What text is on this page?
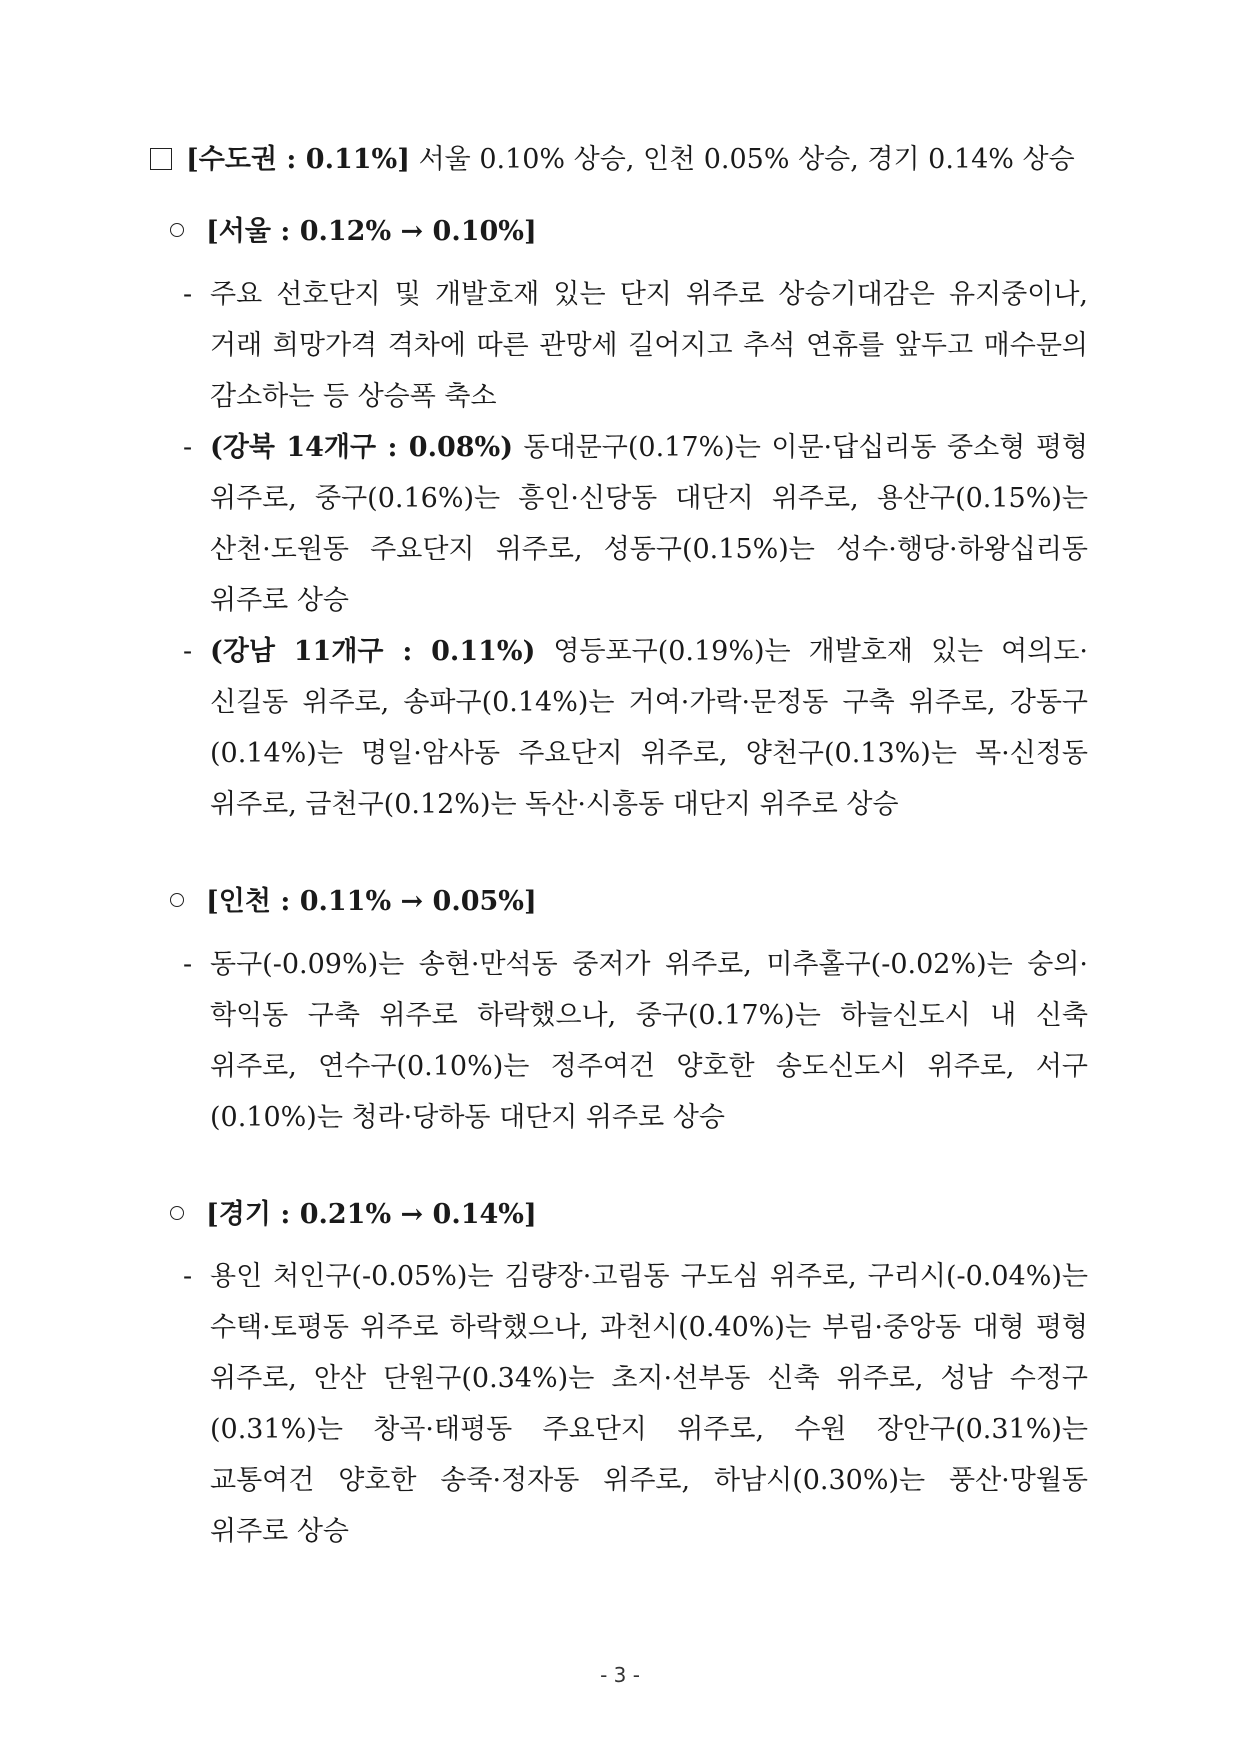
[수도권 : 0.11%] 서울 0.10% 상승, 인천 0.05% 상승, 경기 0.14% 상승
[서울 : 0.12% → 0.10%]
- 주요 선호단지 및 개발호재 있는 단지 위주로 상승기대감은 유지중이나, 거래 희망가격 격차에 따른 관망세 길어지고 추석 연휴를 앞두고 매수문의 감소하는 등 상승폭 축소
- (강북 14개구 : 0.08%) 동대문구(0.17%)는 이문·답십리동 중소형 평형 위주로, 중구(0.16%)는 흥인·신당동 대단지 위주로, 용산구(0.15%)는 산천·도원동 주요단지 위주로, 성동구(0.15%)는 성수·행당·하왕십리동 위주로 상승
- (강남 11개구 : 0.11%) 영등포구(0.19%)는 개발호재 있는 여의도·신길동 위주로, 송파구(0.14%)는 거여·가락·문정동 구축 위주로, 강동구(0.14%)는 명일·암사동 주요단지 위주로, 양천구(0.13%)는 목·신정동 위주로, 금천구(0.12%)는 독산·시흥동 대단지 위주로 상승
[인천 : 0.11% → 0.05%]
- 동구(-0.09%)는 송현·만석동 중저가 위주로, 미추홀구(-0.02%)는 숭의·학익동 구축 위주로 하락했으나, 중구(0.17%)는 하늘신도시 내 신축 위주로, 연수구(0.10%)는 정주여건 양호한 송도신도시 위주로, 서구(0.10%)는 청라·당하동 대단지 위주로 상승
[경기 : 0.21% → 0.14%]
- 용인 처인구(-0.05%)는 김량장·고림동 구도심 위주로, 구리시(-0.04%)는 수택·토평동 위주로 하락했으나, 과천시(0.40%)는 부림·중앙동 대형 평형 위주로, 안산 단원구(0.34%)는 초지·선부동 신축 위주로, 성남 수정구(0.31%)는 창곡·태평동 주요단지 위주로, 수원 장안구(0.31%)는 교통여건 양호한 송죽·정자동 위주로, 하남시(0.30%)는 풍산·망월동 위주로 상승
- 3 -
